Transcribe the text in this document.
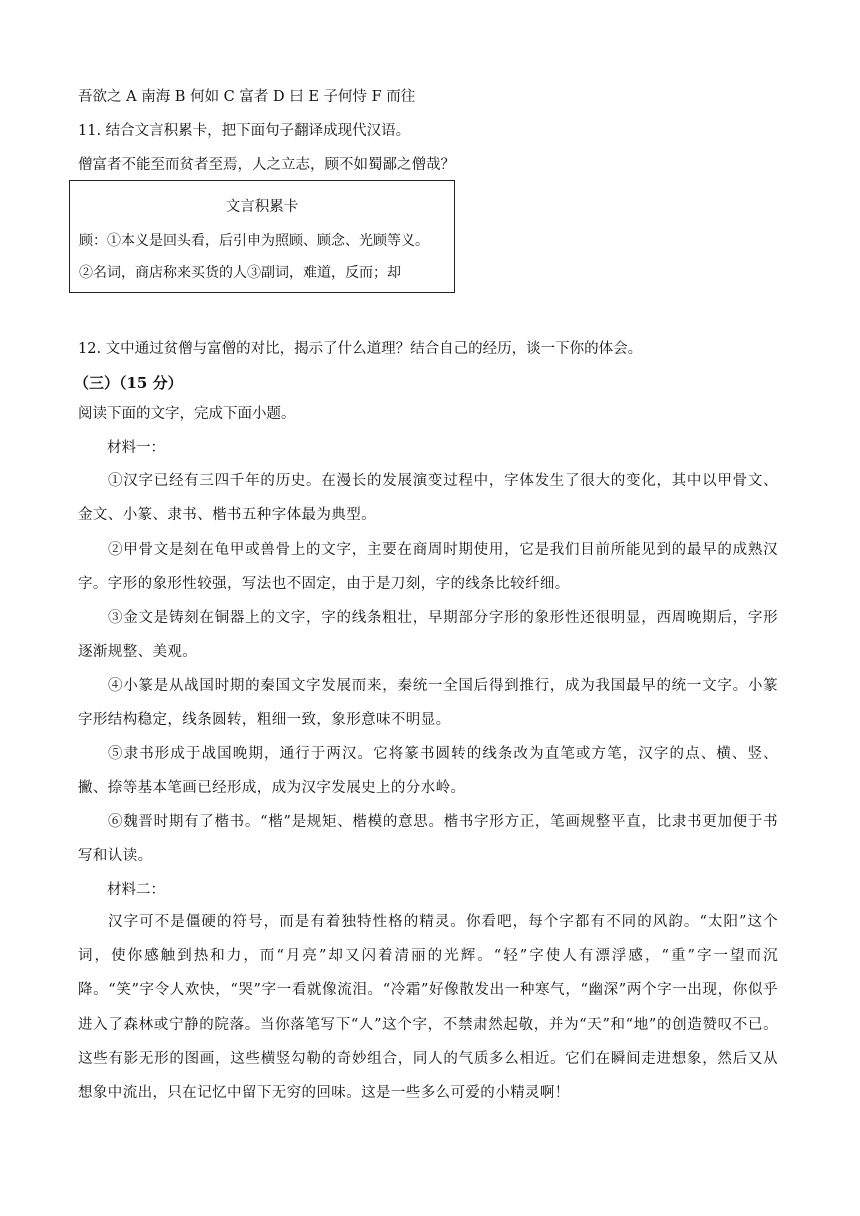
吾欲之 A 南海 B 何如 C 富者 D 曰 E 子何恃 F 而往
11. 结合文言积累卡，把下面句子翻译成现代汉语。
僧富者不能至而贫者至焉，人之立志，顾不如蜀鄙之僧哉？
文言积累卡
顾：①本义是回头看，后引申为照顾、顾念、光顾等义。
②名词，商店称来买货的人③副词，难道，反而；却
12. 文中通过贫僧与富僧的对比，揭示了什么道理？结合自己的经历，谈一下你的体会。
（三）（15 分）
阅读下面的文字，完成下面小题。
材料一：
①汉字已经有三四千年的历史。在漫长的发展演变过程中，字体发生了很大的变化，其中以甲骨文、金文、小篆、隶书、楷书五种字体最为典型。
②甲骨文是刻在龟甲或兽骨上的文字，主要在商周时期使用，它是我们目前所能见到的最早的成熟汉字。字形的象形性较强，写法也不固定，由于是刀刻，字的线条比较纤细。
③金文是铸刻在铜器上的文字，字的线条粗壮，早期部分字形的象形性还很明显，西周晚期后，字形逐渐规整、美观。
④小篆是从战国时期的秦国文字发展而来，秦统一全国后得到推行，成为我国最早的统一文字。小篆字形结构稳定，线条圆转，粗细一致，象形意味不明显。
⑤隶书形成于战国晚期，通行于两汉。它将篆书圆转的线条改为直笔或方笔，汉字的点、横、竖、撇、捺等基本笔画已经形成，成为汉字发展史上的分水岭。
⑥魏晋时期有了楷书。“楷”是规矩、楷模的意思。楷书字形方正，笔画规整平直，比隶书更加便于书写和认读。
材料二：
汉字可不是僵硬的符号，而是有着独特性格的精灵。你看吧，每个字都有不同的风韵。“太阳”这个词，使你感触到热和力，而“月亮”却又闪着清丽的光辉。“轻”字使人有漂浮感，“重”字一望而沉降。“笑”字令人欢快，“哭”字一看就像流泪。“冷霜”好像散发出一种寒气，“幽深”两个字一出现，你似乎进入了森林或宁静的院落。当你落笔写下“人”这个字，不禁肃然起敬，并为“天”和“地”的创造赞叹不已。这些有影无形的图画，这些横竖勾勒的奇妙组合，同人的气质多么相近。它们在瞬间走进想象，然后又从想象中流出，只在记忆中留下无穷的回味。这是一些多么可爱的小精灵啊！
